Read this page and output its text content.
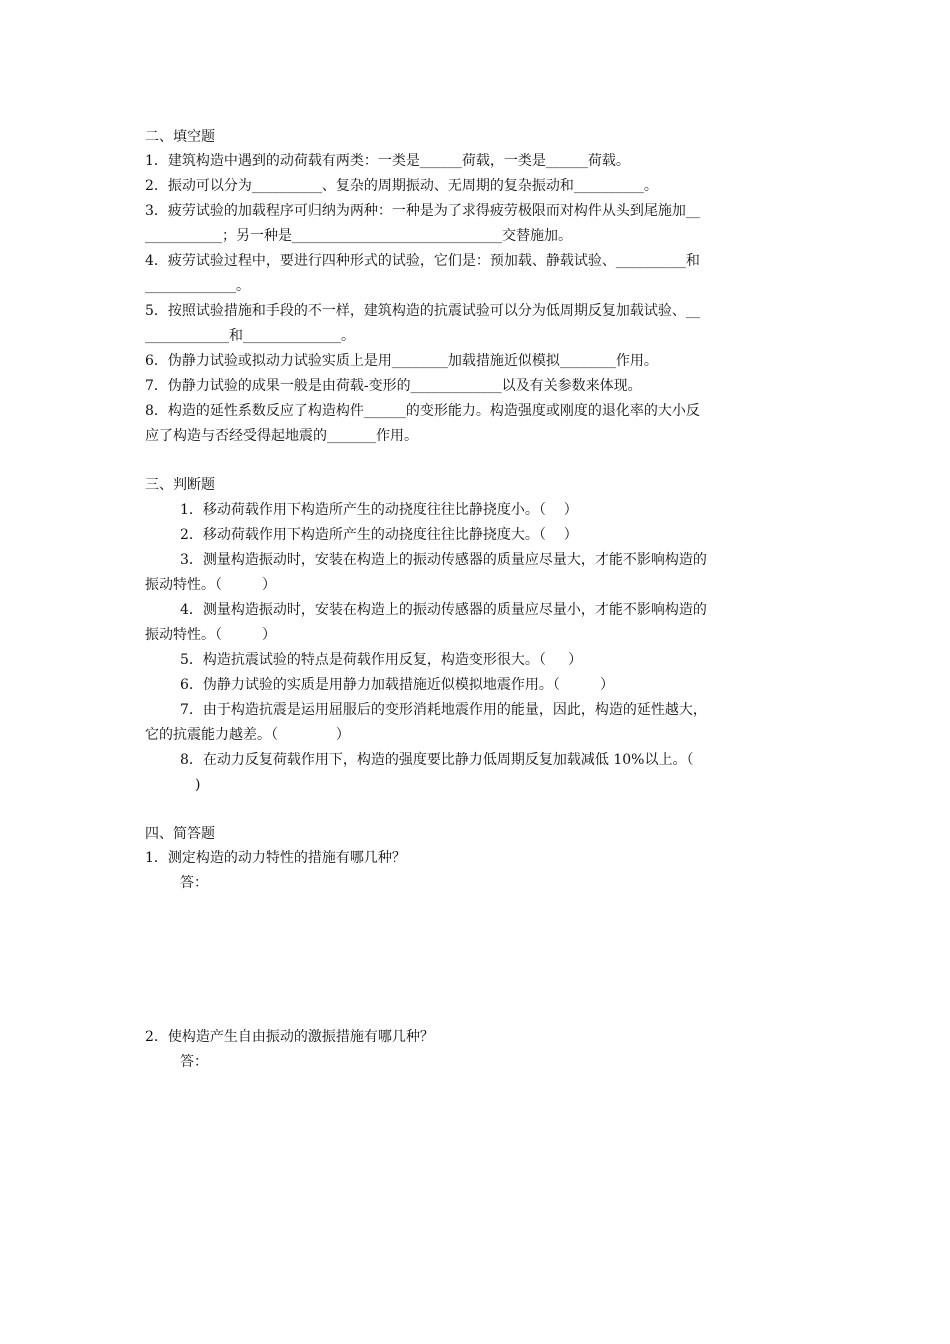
二、填空题
1．建筑构造中遇到的动荷载有两类：一类是______荷载，一类是______荷载。
2．振动可以分为__________、复杂的周期振动、无周期的复杂振动和__________。
3．疲劳试验的加载程序可归纳为两种：一种是为了求得疲劳极限而对构件从头到尾施加__
___________；另一种是______________________________交替施加。
4．疲劳试验过程中，要进行四种形式的试验，它们是：预加载、静载试验、__________和
_____________。
5．按照试验措施和手段的不一样，建筑构造的抗震试验可以分为低周期反复加载试验、__
____________和______________。
6．伪静力试验或拟动力试验实质上是用________加载措施近似模拟________作用。
7．伪静力试验的成果一般是由荷载-变形的_____________以及有关参数来体现。
8．构造的延性系数反应了构造构件______的变形能力。构造强度或刚度的退化率的大小反
应了构造与否经受得起地震的_______作用。
三、判断题
1．移动荷载作用下构造所产生的动挠度往往比静挠度小。（    ）
2．移动荷载作用下构造所产生的动挠度往往比静挠度大。（    ）
3．测量构造振动时，安装在构造上的振动传感器的质量应尽量大，才能不影响构造的
振动特性。（         ）
4．测量构造振动时，安装在构造上的振动传感器的质量应尽量小，才能不影响构造的
振动特性。（         ）
5．构造抗震试验的特点是荷载作用反复，构造变形很大。（     ）
6．伪静力试验的实质是用静力加载措施近似模拟地震作用。（         ）
7．由于构造抗震是运用屈服后的变形消耗地震作用的能量，因此，构造的延性越大，
它的抗震能力越差。（             ）
8．在动力反复荷载作用下，构造的强度要比静力低周期反复加载减低 10%以上。（
)
四、简答题
1．测定构造的动力特性的措施有哪几种？
答：
2．使构造产生自由振动的激振措施有哪几种？
答：
